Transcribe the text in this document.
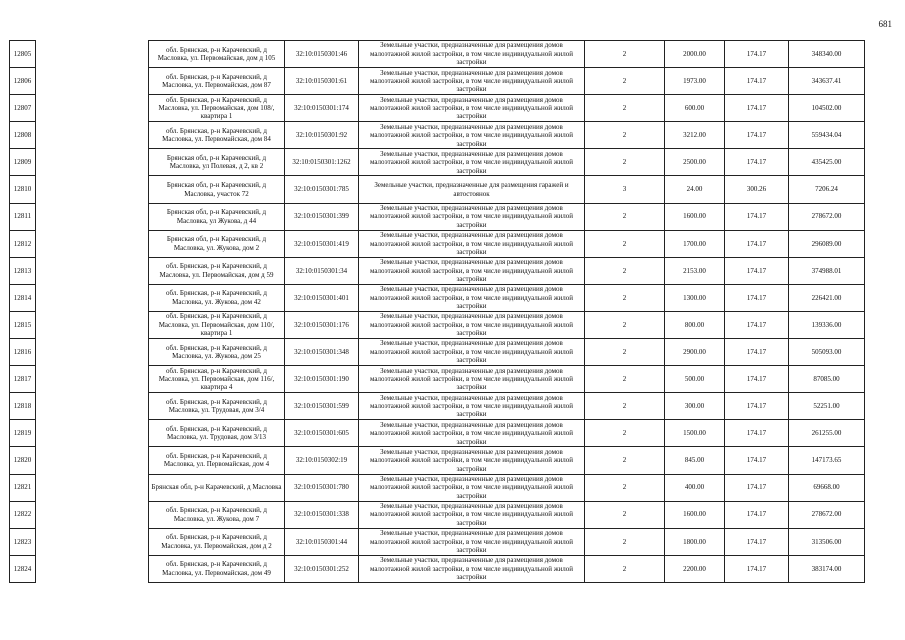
681
12805		обл. Брянская, р-н Карачевский, д Масловка, ул. Первомайская, дом д 105	32:10:0150301:46	Земельные участки, предназначенные для размещения домов малоэтажной жилой застройки, в том числе индивидуальной жилой застройки	2	2000.00	174.17	348340.00
12806		обл. Брянская, р-н Карачевский, д Масловка, ул. Первомайская, дом 87	32:10:0150301:61	Земельные участки, предназначенные для размещения домов малоэтажной жилой застройки, в том числе индивидуальной жилой застройки	2	1973.00	174.17	343637.41
12807		обл. Брянская, р-н Карачевский, д Масловка, ул. Первомайская, дом 108/, квартира 1	32:10:0150301:174	Земельные участки, предназначенные для размещения домов малоэтажной жилой застройки, в том числе индивидуальной жилой застройки	2	600.00	174.17	104502.00
12808		обл. Брянская, р-н Карачевский, д Масловка, ул. Первомайская, дом 84	32:10:0150301:92	Земельные участки, предназначенные для размещения домов малоэтажной жилой застройки, в том числе индивидуальной жилой застройки	2	3212.00	174.17	559434.04
12809		Брянская обл, р-н Карачевский, д Масловка, ул Полевая, д 2, кв 2	32:10:0150301:1262	Земельные участки, предназначенные для размещения домов малоэтажной жилой застройки, в том числе индивидуальной жилой застройки	2	2500.00	174.17	435425.00
12810		Брянская обл, р-н Карачевский, д Масловка, участок 72	32:10:0150301:785	Земельные участки, предназначенные для размещения гаражей и автостоянок	3	24.00	300.26	7206.24
12811		Брянская обл, р-н Карачевский, д Масловка, ул Жукова, д 44	32:10:0150301:399	Земельные участки, предназначенные для размещения домов малоэтажной жилой застройки, в том числе индивидуальной жилой застройки	2	1600.00	174.17	278672.00
12812		Брянская обл, р-н Карачевский, д Масловка, ул. Жукова, дом 2	32:10:0150301:419	Земельные участки, предназначенные для размещения домов малоэтажной жилой застройки, в том числе индивидуальной жилой застройки	2	1700.00	174.17	296089.00
12813		обл. Брянская, р-н Карачевский, д Масловка, ул. Первомайская, дом д 59	32:10:0150301:34	Земельные участки, предназначенные для размещения домов малоэтажной жилой застройки, в том числе индивидуальной жилой застройки	2	2153.00	174.17	374988.01
12814		обл. Брянская, р-н Карачевский, д Масловка, ул. Жукова, дом 42	32:10:0150301:401	Земельные участки, предназначенные для размещения домов малоэтажной жилой застройки, в том числе индивидуальной жилой застройки	2	1300.00	174.17	226421.00
12815		обл. Брянская, р-н Карачевский, д Масловка, ул. Первомайская, дом 110/, квартира 1	32:10:0150301:176	Земельные участки, предназначенные для размещения домов малоэтажной жилой застройки, в том числе индивидуальной жилой застройки	2	800.00	174.17	139336.00
12816		обл. Брянская, р-н Карачевский, д Масловка, ул. Жукова, дом 25	32:10:0150301:348	Земельные участки, предназначенные для размещения домов малоэтажной жилой застройки, в том числе индивидуальной жилой застройки	2	2900.00	174.17	505093.00
12817		обл. Брянская, р-н Карачевский, д Масловка, ул. Первомайская, дом 116/, квартира 4	32:10:0150301:190	Земельные участки, предназначенные для размещения домов малоэтажной жилой застройки, в том числе индивидуальной жилой застройки	2	500.00	174.17	87085.00
12818		обл. Брянская, р-н Карачевский, д Масловка, ул. Трудовая, дом 3/4	32:10:0150301:599	Земельные участки, предназначенные для размещения домов малоэтажной жилой застройки, в том числе индивидуальной жилой застройки	2	300.00	174.17	52251.00
12819		обл. Брянская, р-н Карачевский, д Масловка, ул. Трудовая, дом 3/13	32:10:0150301:605	Земельные участки, предназначенные для размещения домов малоэтажной жилой застройки, в том числе индивидуальной жилой застройки	2	1500.00	174.17	261255.00
12820		обл. Брянская, р-н Карачевский, д Масловка, ул. Первомайская, дом 4	32:10:0150302:19	Земельные участки, предназначенные для размещения домов малоэтажной жилой застройки, в том числе индивидуальной жилой застройки	2	845.00	174.17	147173.65
12821		Брянская обл, р-н Карачевский, д Масловка	32:10:0150301:780	Земельные участки, предназначенные для размещения домов малоэтажной жилой застройки, в том числе индивидуальной жилой застройки	2	400.00	174.17	69668.00
12822		обл. Брянская, р-н Карачевский, д Масловка, ул. Жукова, дом 7	32:10:0150301:338	Земельные участки, предназначенные для размещения домов малоэтажной жилой застройки, в том числе индивидуальной жилой застройки	2	1600.00	174.17	278672.00
12823		обл. Брянская, р-н Карачевский, д Масловка, ул. Первомайская, дом д 2	32:10:0150301:44	Земельные участки, предназначенные для размещения домов малоэтажной жилой застройки, в том числе индивидуальной жилой застройки	2	1800.00	174.17	313506.00
12824		обл. Брянская, р-н Карачевский, д Масловка, ул. Первомайская, дом 49	32:10:0150301:252	Земельные участки, предназначенные для размещения домов малоэтажной жилой застройки, в том числе индивидуальной жилой застройки	2	2200.00	174.17	383174.00
